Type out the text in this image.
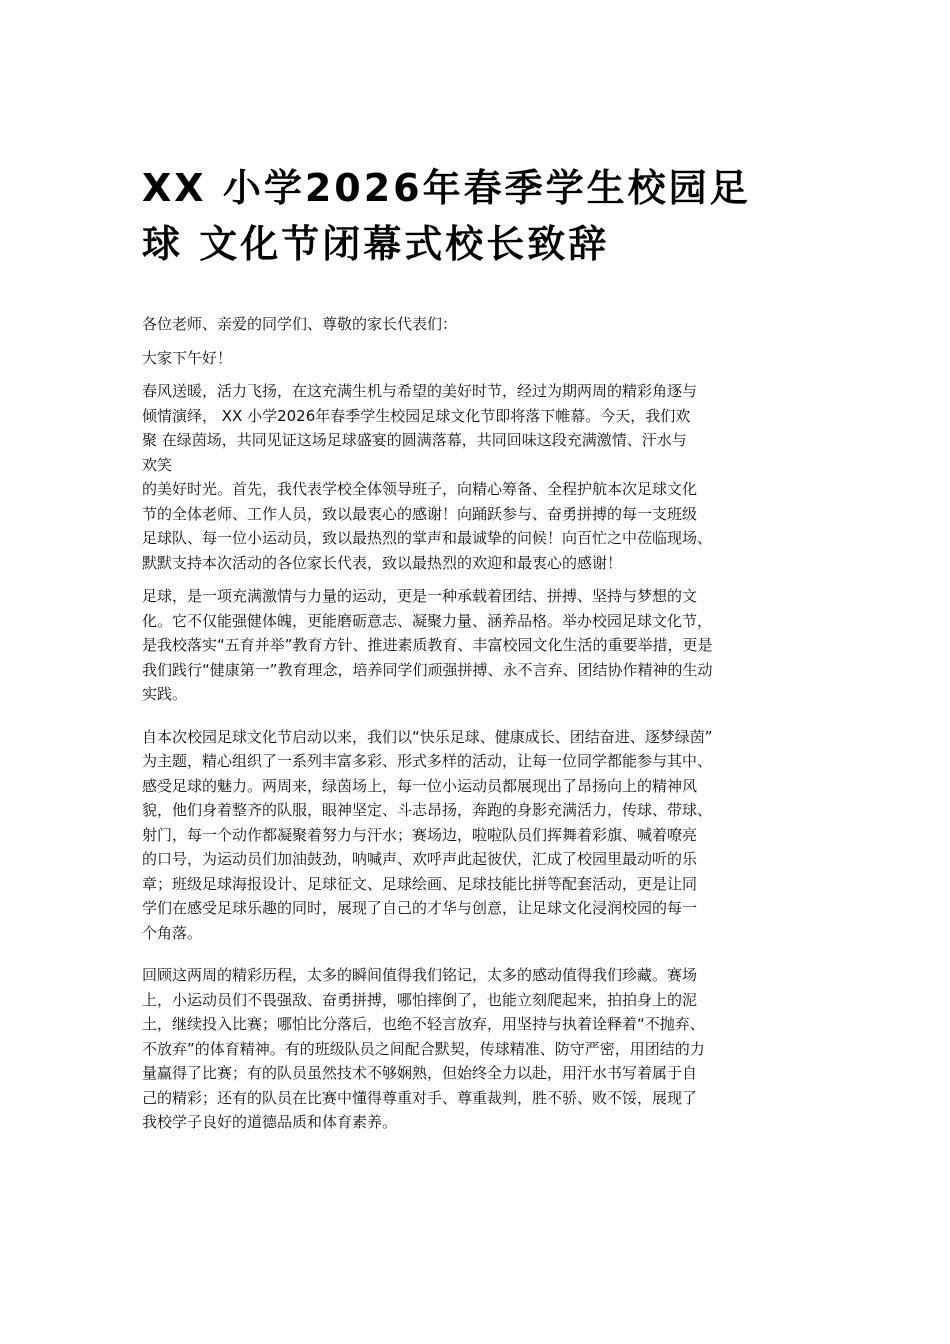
XX 小学2026年春季学生校园足
球 文化节闭幕式校长致辞

各位老师、亲爱的同学们、尊敬的家长代表们：

大家下午好！

春风送暖，活力飞扬，在这充满生机与希望的美好时节，经过为期两周的精彩角逐与
倾情演绎， XX 小学2026年春季学生校园足球文化节即将落下帷幕。今天，我们欢
聚 在绿茵场，共同见证这场足球盛宴的圆满落幕，共同回味这段充满激情、汗水与
欢笑
的美好时光。首先，我代表学校全体领导班子，向精心筹备、全程护航本次足球文化
节的全体老师、工作人员，致以最衷心的感谢！向踊跃参与、奋勇拼搏的每一支班级
足球队、每一位小运动员，致以最热烈的掌声和最诚挚的问候！向百忙之中莅临现场、
默默支持本次活动的各位家长代表，致以最热烈的欢迎和最衷心的感谢！

足球，是一项充满激情与力量的运动，更是一种承载着团结、拼搏、坚持与梦想的文
化。它不仅能强健体魄，更能磨砺意志、凝聚力量、涵养品格。举办校园足球文化节，
是我校落实“五育并举”教育方针、推进素质教育、丰富校园文化生活的重要举措，更是
我们践行“健康第一”教育理念，培养同学们顽强拼搏、永不言弃、团结协作精神的生动
实践。

自本次校园足球文化节启动以来，我们以“快乐足球、健康成长、团结奋进、逐梦绿茵”
为主题，精心组织了一系列丰富多彩、形式多样的活动，让每一位同学都能参与其中、
感受足球的魅力。两周来，绿茵场上，每一位小运动员都展现出了昂扬向上的精神风
貌，他们身着整齐的队服，眼神坚定、斗志昂扬，奔跑的身影充满活力，传球、带球、
射门，每一个动作都凝聚着努力与汗水；赛场边，啦啦队员们挥舞着彩旗、喊着嘹亮
的口号，为运动员们加油鼓劲，呐喊声、欢呼声此起彼伏，汇成了校园里最动听的乐
章；班级足球海报设计、足球征文、足球绘画、足球技能比拼等配套活动，更是让同
学们在感受足球乐趣的同时，展现了自己的才华与创意，让足球文化浸润校园的每一
个角落。

回顾这两周的精彩历程，太多的瞬间值得我们铭记，太多的感动值得我们珍藏。赛场
上，小运动员们不畏强敌、奋勇拼搏，哪怕摔倒了，也能立刻爬起来，拍拍身上的泥
土，继续投入比赛；哪怕比分落后，也绝不轻言放弃，用坚持与执着诠释着“不抛弃、
不放弃”的体育精神。有的班级队员之间配合默契，传球精准、防守严密，用团结的力
量赢得了比赛；有的队员虽然技术不够娴熟，但始终全力以赴，用汗水书写着属于自
己的精彩；还有的队员在比赛中懂得尊重对手、尊重裁判，胜不骄、败不馁，展现了
我校学子良好的道德品质和体育素养。
